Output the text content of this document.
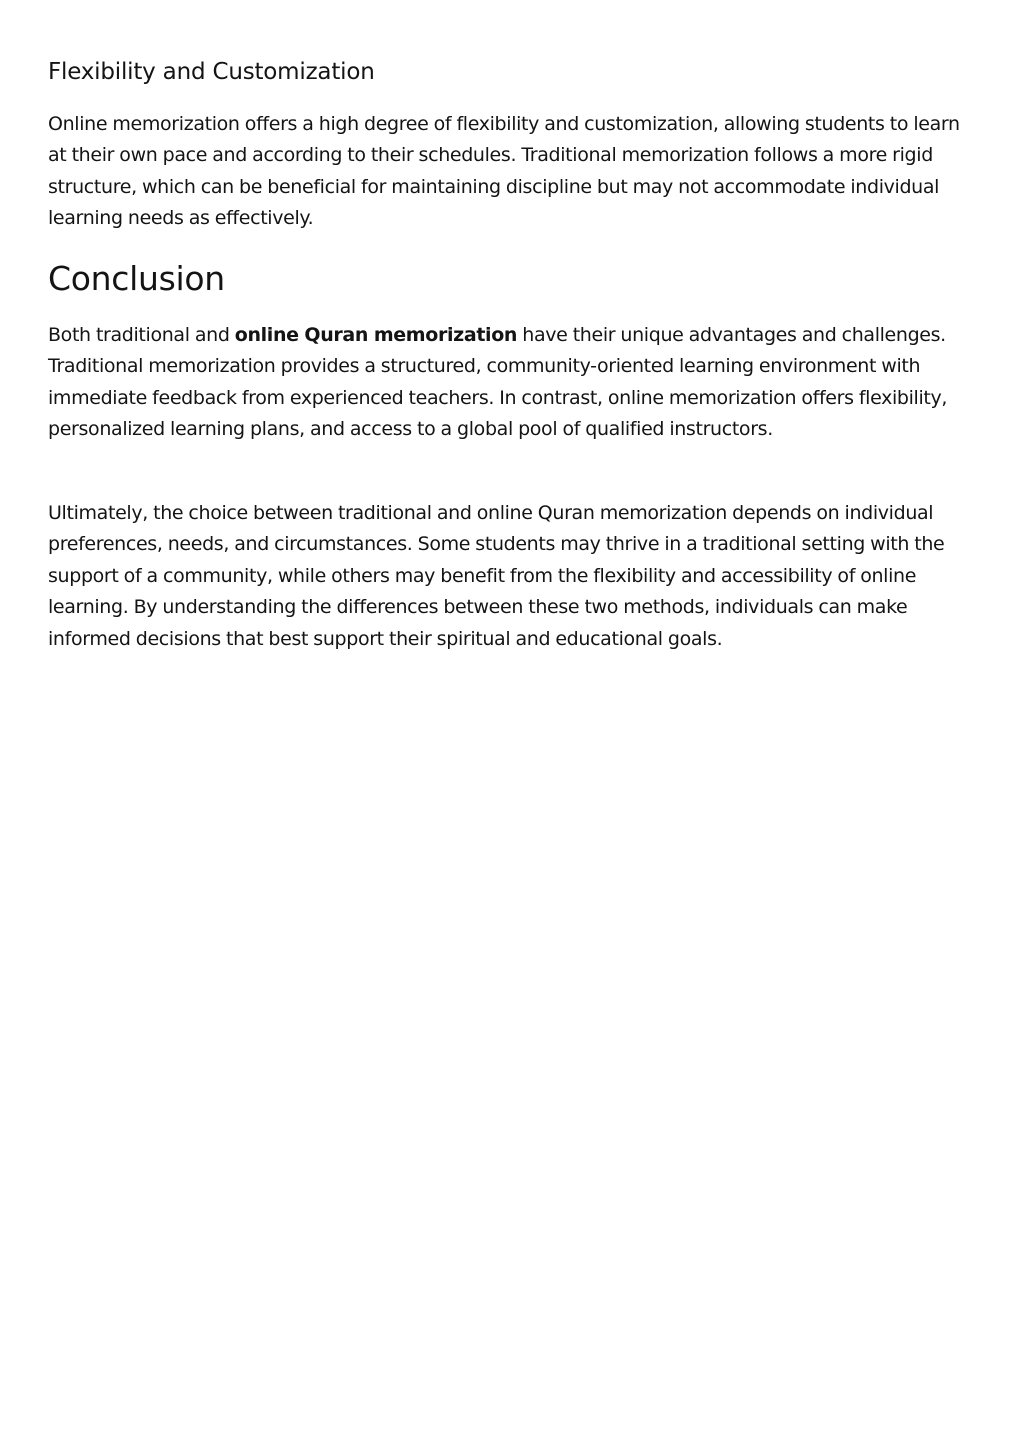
Flexibility and Customization

Online memorization offers a high degree of flexibility and customization, allowing students to learn at their own pace and according to their schedules. Traditional memorization follows a more rigid structure, which can be beneficial for maintaining discipline but may not accommodate individual learning needs as effectively.

Conclusion

Both traditional and online Quran memorization have their unique advantages and challenges. Traditional memorization provides a structured, community-oriented learning environment with immediate feedback from experienced teachers. In contrast, online memorization offers flexibility, personalized learning plans, and access to a global pool of qualified instructors.

Ultimately, the choice between traditional and online Quran memorization depends on individual preferences, needs, and circumstances. Some students may thrive in a traditional setting with the support of a community, while others may benefit from the flexibility and accessibility of online learning. By understanding the differences between these two methods, individuals can make informed decisions that best support their spiritual and educational goals.
